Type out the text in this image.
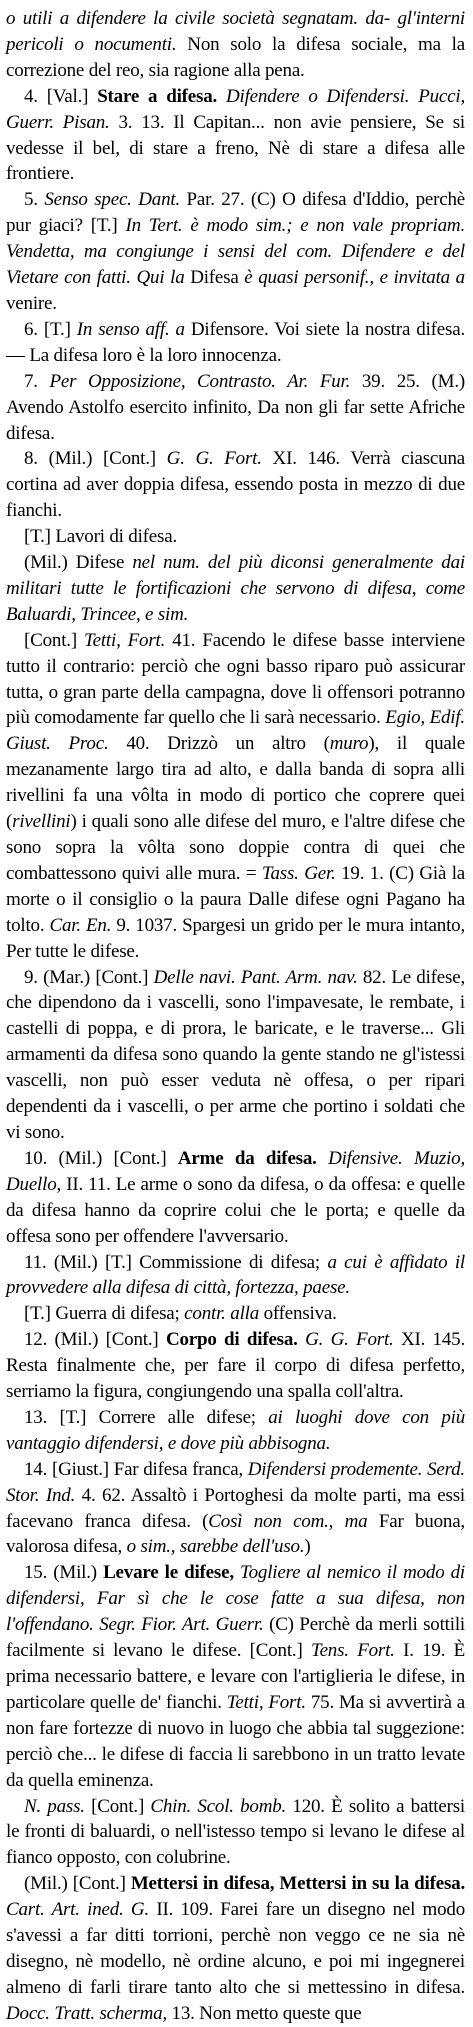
o utili a difendere la civile società segnatam. da- gl'interni pericoli o nocumenti. Non solo la difesa sociale, ma la correzione del reo, sia ragione alla pena.

4. [Val.] Stare a difesa. Difendere o Difendersi. Pucci, Guerr. Pisan. 3. 13. Il Capitan... non avie pensiere, Se si vedesse il bel, di stare a freno, Nè di stare a difesa alle frontiere.

5. Senso spec. Dant. Par. 27. (C) O difesa d'Iddio, perchè pur giaci? [T.] In Tert. è modo sim.; e non vale propriam. Vendetta, ma congiunge i sensi del com. Difendere e del Vietare con fatti. Qui la Difesa è quasi personif., e invitata a venire.

6. [T.] In senso aff. a Difensore. Voi siete la nostra difesa. — La difesa loro è la loro innocenza.

7. Per Opposizione, Contrasto. Ar. Fur. 39. 25. (M.) Avendo Astolfo esercito infinito, Da non gli far sette Afriche difesa.

8. (Mil.) [Cont.] G. G. Fort. XI. 146. Verrà ciascuna cortina ad aver doppia difesa, essendo posta in mezzo di due fianchi.

[T.] Lavori di difesa.

(Mil.) Difese nel num. del più diconsi generalmente dai militari tutte le fortificazioni che servono di difesa, come Baluardi, Trincee, e sim.

[Cont.] Tetti, Fort. 41. Facendo le difese basse interviene tutto il contrario: perciò che ogni basso riparo può assicurar tutta, o gran parte della campagna, dove li offensori potranno più comodamente far quello che li sarà necessario. Egio, Edif. Giust. Proc. 40. Drizzò un altro (muro), il quale mezanamente largo tira ad alto, e dalla banda di sopra alli rivellini fa una vôlta in modo di portico che coprere quei (rivellini) i quali sono alle difese del muro, e l'altre difese che sono sopra la vôlta sono doppie contra di quei che combattessono quivi alle mura. = Tass. Ger. 19. 1. (C) Già la morte o il consiglio o la paura Dalle difese ogni Pagano ha tolto. Car. En. 9. 1037. Spargesi un grido per le mura intanto, Per tutte le difese.

9. (Mar.) [Cont.] Delle navi. Pant. Arm. nav. 82. Le difese, che dipendono da i vascelli, sono l'impavesate, le rembate, i castelli di poppa, e di prora, le baricate, e le traverse... Gli armamenti da difesa sono quando la gente stando ne gl'istessi vascelli, non può esser veduta nè offesa, o per ripari dependenti da i vascelli, o per arme che portino i soldati che vi sono.

10. (Mil.) [Cont.] Arme da difesa. Difensive. Muzio, Duello, II. 11. Le arme o sono da difesa, o da offesa: e quelle da difesa hanno da coprire colui che le porta; e quelle da offesa sono per offendere l'avversario.

11. (Mil.) [T.] Commissione di difesa; a cui è affidato il provvedere alla difesa di città, fortezza, paese.

[T.] Guerra di difesa; contr. alla offensiva.

12. (Mil.) [Cont.] Corpo di difesa. G. G. Fort. XI. 145. Resta finalmente che, per fare il corpo di difesa perfetto, serriamo la figura, congiungendo una spalla coll'altra.

13. [T.] Correre alle difese; ai luoghi dove con più vantaggio difendersi, e dove più abbisogna.

14. [Giust.] Far difesa franca, Difendersi prodemente. Serd. Stor. Ind. 4. 62. Assaltò i Portoghesi da molte parti, ma essi facevano franca difesa. (Così non com., ma Far buona, valorosa difesa, o sim., sarebbe dell'uso.)

15. (Mil.) Levare le difese, Togliere al nemico il modo di difendersi, Far sì che le cose fatte a sua difesa, non l'offendano. Segr. Fior. Art. Guerr. (C) Perchè da merli sottili facilmente si levano le difese. [Cont.] Tens. Fort. I. 19. È prima necessario battere, e levare con l'artiglieria le difese, in particolare quelle de' fianchi. Tetti, Fort. 75. Ma si avvertirà a non fare fortezze di nuovo in luogo che abbia tal suggezione: perciò che... le difese di faccia li sarebbono in un tratto levate da quella eminenza.

N. pass. [Cont.] Chin. Scol. bomb. 120. È solito a battersi le fronti di baluardi, o nell'istesso tempo si levano le difese al fianco opposto, con colubrine.

(Mil.) [Cont.] Mettersi in difesa, Mettersi in su la difesa. Cart. Art. ined. G. II. 109. Farei fare un disegno nel modo s'avessi a far ditti torrioni, perchè non veggo ce ne sia nè disegno, nè modello, nè ordine alcuno, e poi mi ingegnerei almeno di farli tirare tanto alto che si mettessino in difesa. Docc. Tratt. scherma, 13. Non metto queste que
